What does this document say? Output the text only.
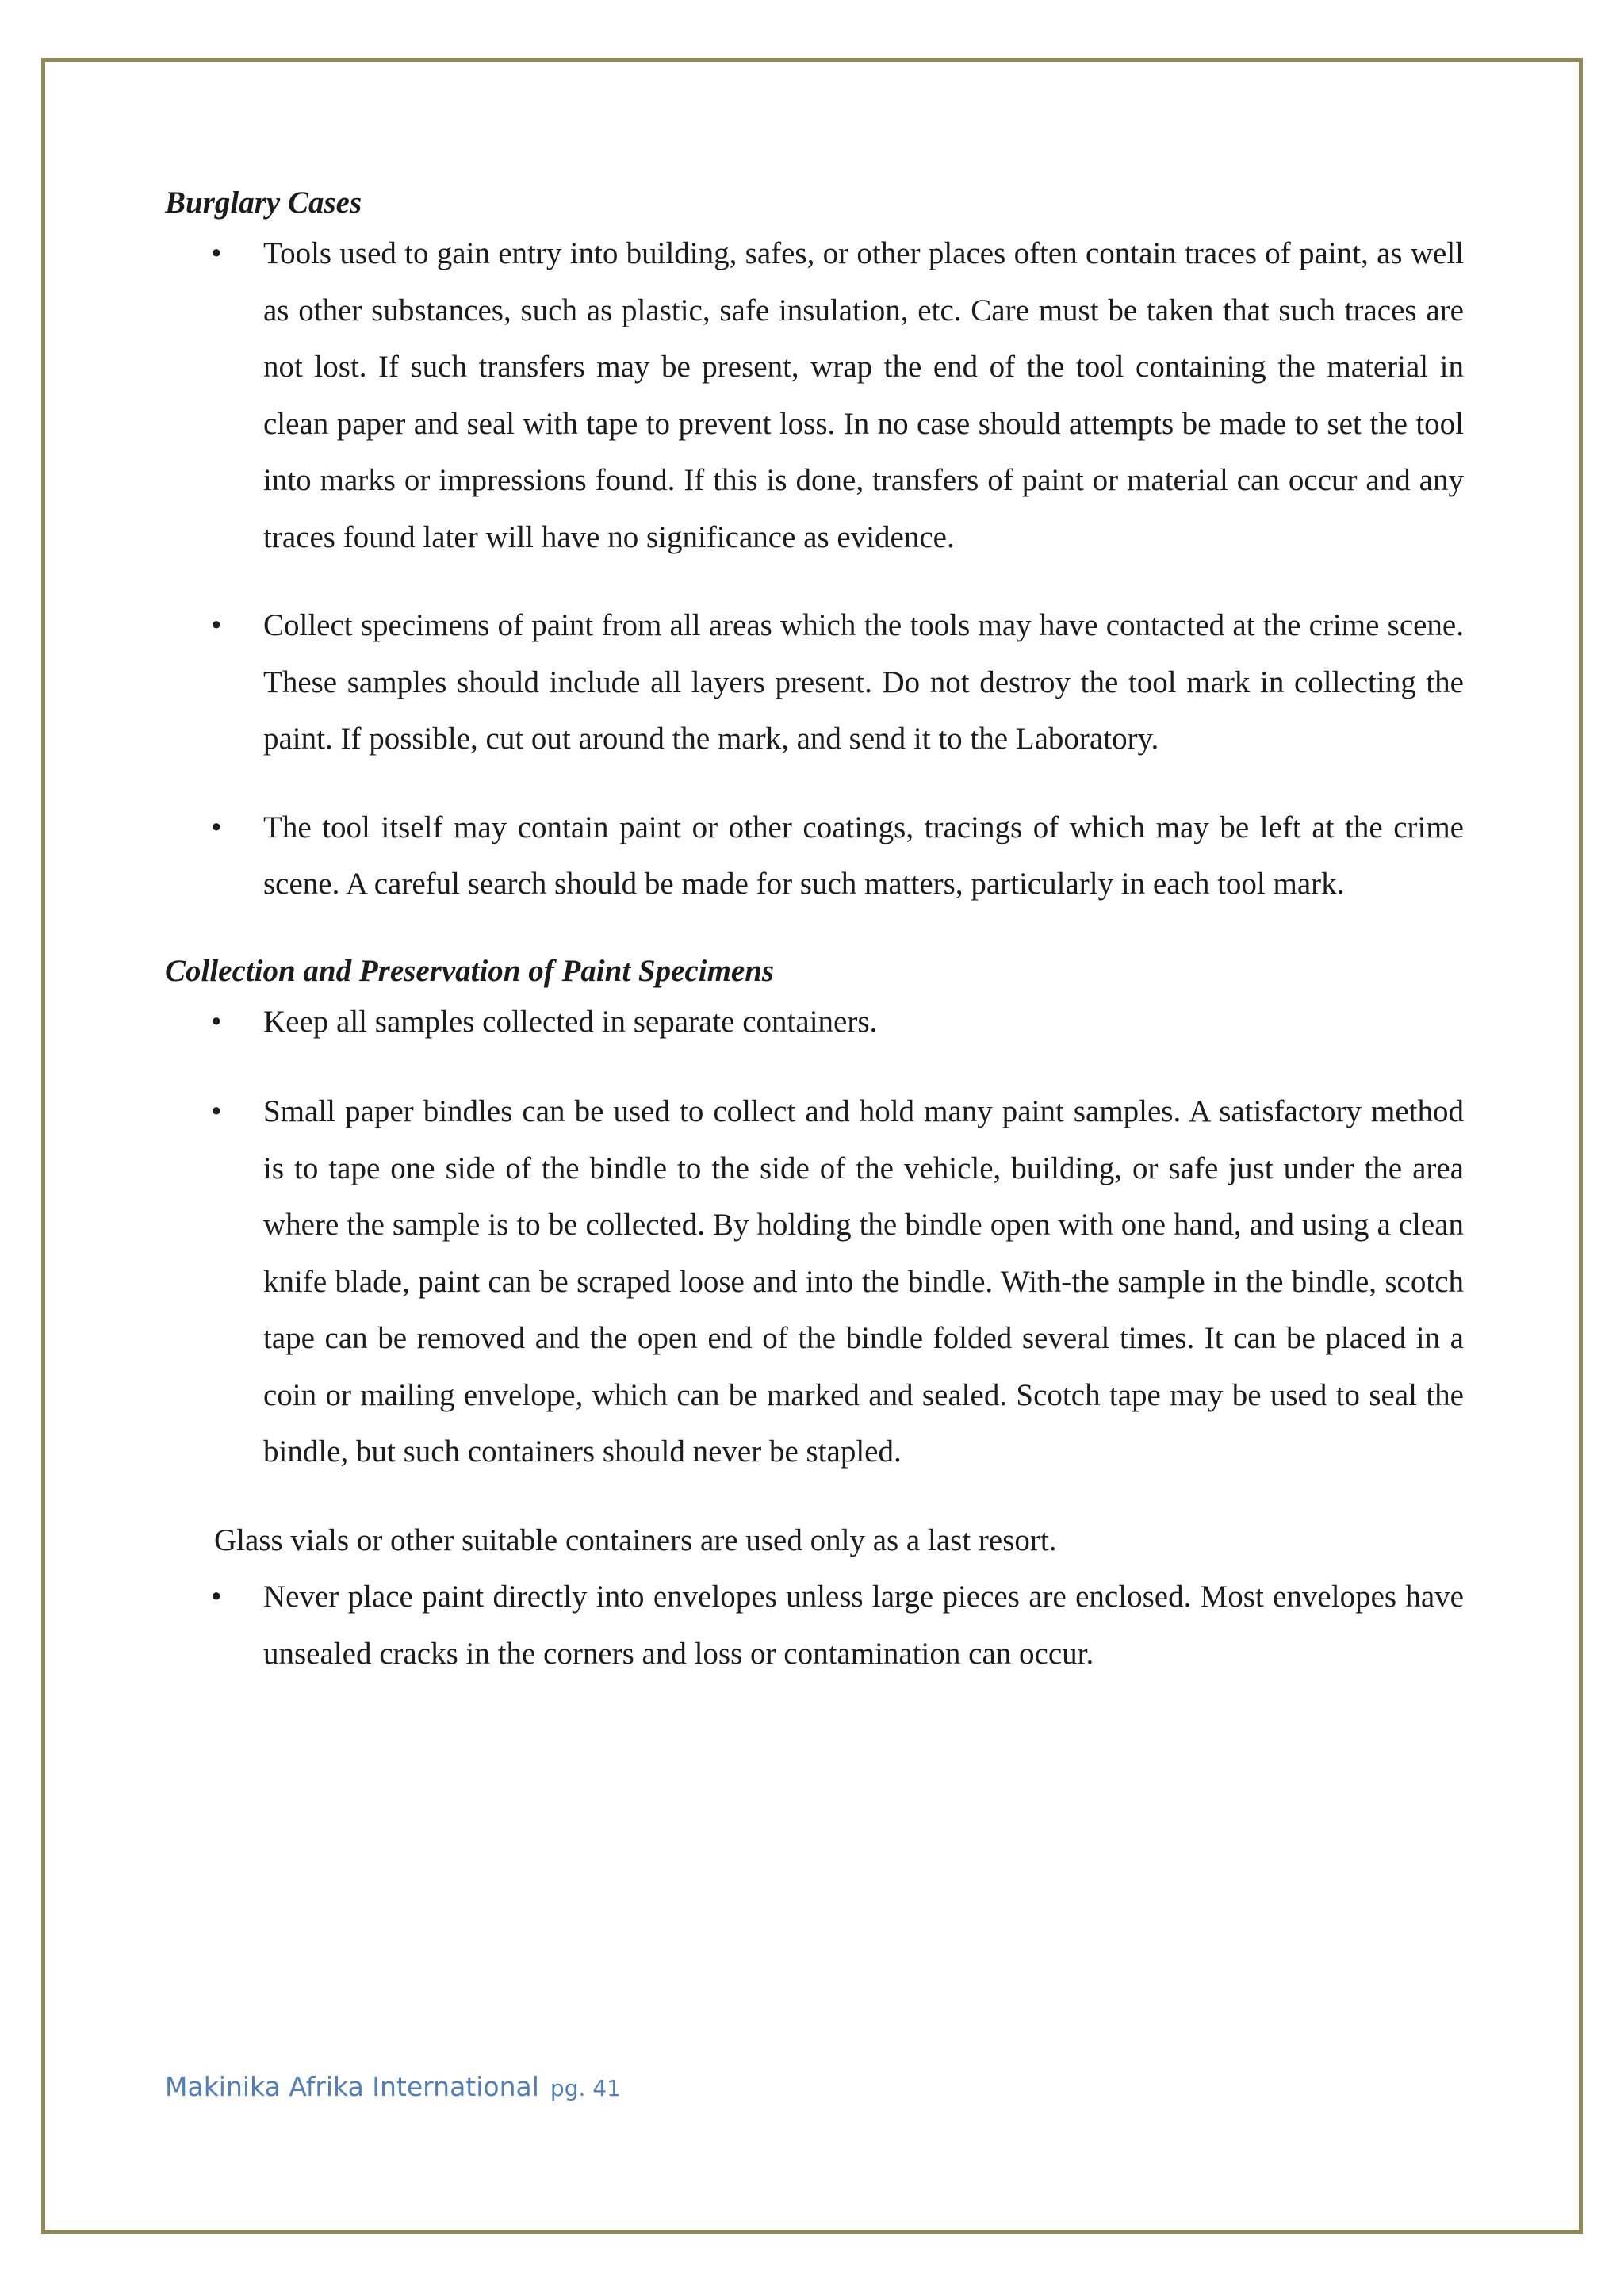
Burglary Cases
• Tools used to gain entry into building, safes, or other places often contain traces of paint, as well as other substances, such as plastic, safe insulation, etc. Care must be taken that such traces are not lost. If such transfers may be present, wrap the end of the tool containing the material in clean paper and seal with tape to prevent loss. In no case should attempts be made to set the tool into marks or impressions found. If this is done, transfers of paint or material can occur and any traces found later will have no significance as evidence.
• Collect specimens of paint from all areas which the tools may have contacted at the crime scene. These samples should include all layers present. Do not destroy the tool mark in collecting the paint. If possible, cut out around the mark, and send it to the Laboratory.
• The tool itself may contain paint or other coatings, tracings of which may be left at the crime scene. A careful search should be made for such matters, particularly in each tool mark.
Collection and Preservation of Paint Specimens
• Keep all samples collected in separate containers.
• Small paper bindles can be used to collect and hold many paint samples. A satisfactory method is to tape one side of the bindle to the side of the vehicle, building, or safe just under the area where the sample is to be collected. By holding the bindle open with one hand, and using a clean knife blade, paint can be scraped loose and into the bindle. With-the sample in the bindle, scotch tape can be removed and the open end of the bindle folded several times. It can be placed in a coin or mailing envelope, which can be marked and sealed. Scotch tape may be used to seal the bindle, but such containers should never be stapled.

Glass vials or other suitable containers are used only as a last resort.

• Never place paint directly into envelopes unless large pieces are enclosed. Most envelopes have unsealed cracks in the corners and loss or contamination can occur.
Makinika Afrika International pg. 41
